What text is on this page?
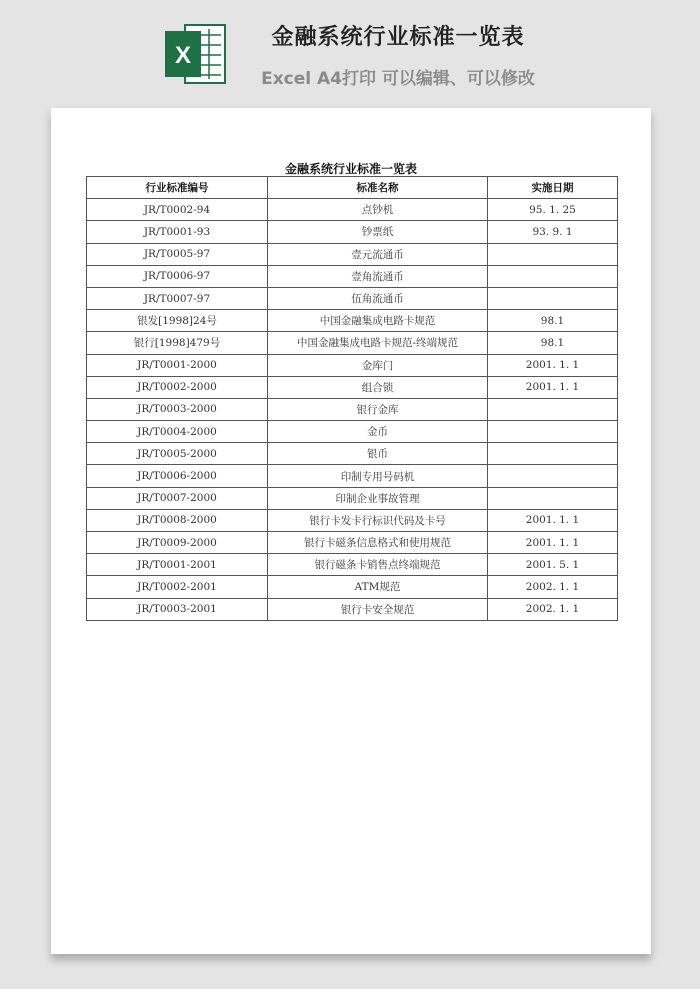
X
金融系统行业标准一览表
Excel A4打印 可以编辑、可以修改
金融系统行业标准一览表
行业标准编号	标准名称	实施日期
JR/T0002-94	点钞机	95. 1. 25
JR/T0001-93	钞票纸	93. 9. 1
JR/T0005-97	壹元流通币	
JR/T0006-97	壹角流通币	
JR/T0007-97	伍角流通币	
银发[1998]24号	中国金融集成电路卡规范	98.1
银行[1998]479号	中国金融集成电路卡规范-终端规范	98.1
JR/T0001-2000	金库门	2001. 1. 1
JR/T0002-2000	组合锁	2001. 1. 1
JR/T0003-2000	银行金库	
JR/T0004-2000	金币	
JR/T0005-2000	银币	
JR/T0006-2000	印制专用号码机	
JR/T0007-2000	印制企业事故管理	
JR/T0008-2000	银行卡发卡行标识代码及卡号	2001. 1. 1
JR/T0009-2000	银行卡磁条信息格式和使用规范	2001. 1. 1
JR/T0001-2001	银行磁条卡销售点终端规范	2001. 5. 1
JR/T0002-2001	ATM规范	2002. 1. 1
JR/T0003-2001	银行卡安全规范	2002. 1. 1
